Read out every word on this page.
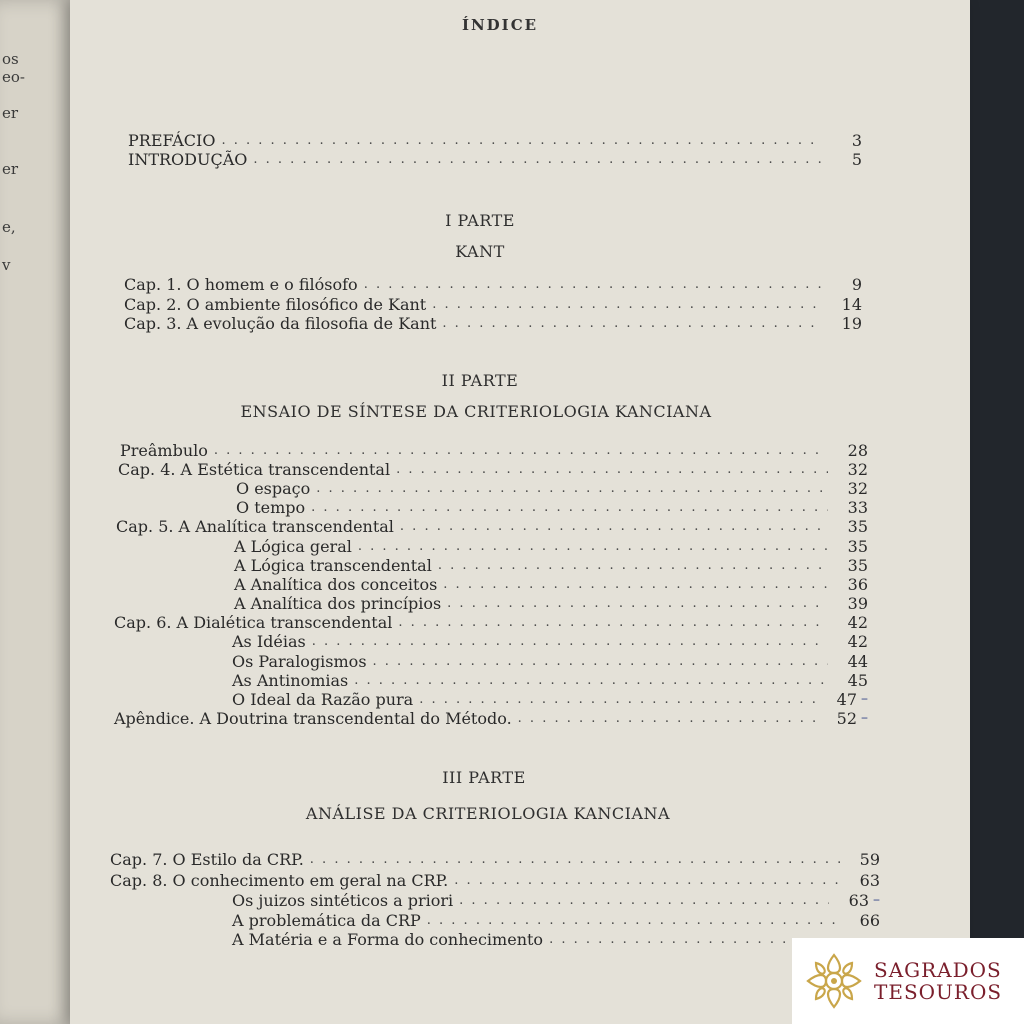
os
eo-
er
er
e,
v
ÍNDICE
PREFÁCIO . . .	3
INTRODUÇÃO . . .	5
I PARTE
KANT
Cap. 1. O homem e o filósofo . . .	9
Cap. 2. O ambiente filosófico de Kant . . .	14
Cap. 3. A evolução da filosofia de Kant . . .	19
II PARTE
ENSAIO DE SÍNTESE DA CRITERIOLOGIA KANCIANA
Preâmbulo . . .	28
Cap. 4. A Estética transcendental . . .	32
O espaço . . .	32
O tempo . . .	33
Cap. 5. A Analítica transcendental . . .	35
A Lógica geral . . .	35
A Lógica transcendental . . .	35
A Analítica dos conceitos . . .	36
A Analítica dos princípios . . .	39
Cap. 6. A Dialética transcendental . . .	42
As Idéias . . .	42
Os Paralogismos . . .	44
As Antinomias . . .	45
O Ideal da Razão pura . . .	47 –
Apêndice. A Doutrina transcendental do Método. . . .	52 –
III PARTE
ANÁLISE DA CRITERIOLOGIA KANCIANA
Cap. 7. O Estilo da CRP. . . .	59
Cap. 8. O conhecimento em geral na CRP. . . .	63
Os juizos sintéticos a priori . . .	63 –
A problemática da CRP . . .	66
A Matéria e a Forma do conhecimento
. . .
SAGRADOS
TESOUROS
